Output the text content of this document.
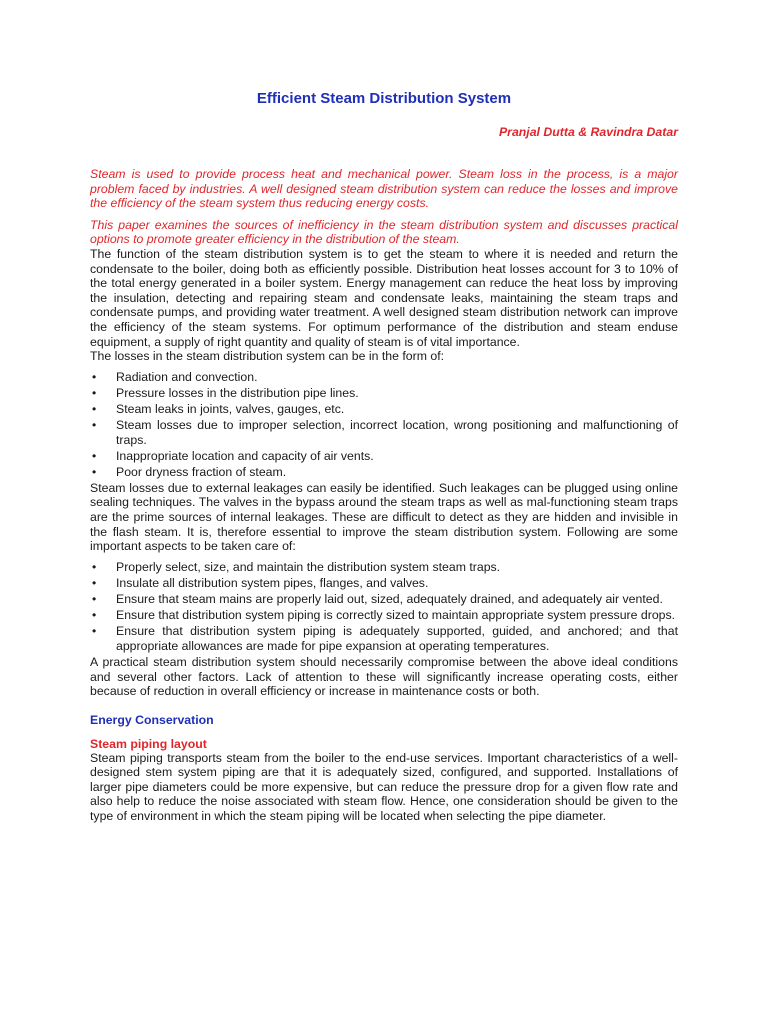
Efficient Steam Distribution System

Pranjal Dutta & Ravindra Datar

Steam is used to provide process heat and mechanical power. Steam loss in the process, is a major problem faced by industries. A well designed steam distribution system can reduce the losses and improve the efficiency of the steam system thus reducing energy costs.

This paper examines the sources of inefficiency in the steam distribution system and discusses practical options to promote greater efficiency in the distribution of the steam.

The function of the steam distribution system is to get the steam to where it is needed and return the condensate to the boiler, doing both as efficiently possible. Distribution heat losses account for 3 to 10% of the total energy generated in a boiler system. Energy management can reduce the heat loss by improving the insulation, detecting and repairing steam and condensate leaks, maintaining the steam traps and condensate pumps, and providing water treatment. A well designed steam distribution network can improve the efficiency of the steam systems. For optimum performance of the distribution and steam enduse equipment, a supply of right quantity and quality of steam is of vital importance.

The losses in the steam distribution system can be in the form of:

• Radiation and convection.
• Pressure losses in the distribution pipe lines.
• Steam leaks in joints, valves, gauges, etc.
• Steam losses due to improper selection, incorrect location, wrong positioning and malfunctioning of traps.
• Inappropriate location and capacity of air vents.
• Poor dryness fraction of steam.

Steam losses due to external leakages can easily be identified. Such leakages can be plugged using online sealing techniques. The valves in the bypass around the steam traps as well as mal-functioning steam traps are the prime sources of internal leakages. These are difficult to detect as they are hidden and invisible in the flash steam. It is, therefore essential to improve the steam distribution system. Following are some important aspects to be taken care of:

• Properly select, size, and maintain the distribution system steam traps.
• Insulate all distribution system pipes, flanges, and valves.
• Ensure that steam mains are properly laid out, sized, adequately drained, and adequately air vented.
• Ensure that distribution system piping is correctly sized to maintain appropriate system pressure drops.
• Ensure that distribution system piping is adequately supported, guided, and anchored; and that appropriate allowances are made for pipe expansion at operating temperatures.

A practical steam distribution system should necessarily compromise between the above ideal conditions and several other factors. Lack of attention to these will significantly increase operating costs, either because of reduction in overall efficiency or increase in maintenance costs or both.

Energy Conservation
Steam piping layout

Steam piping transports steam from the boiler to the end-use services. Important characteristics of a well-designed stem system piping are that it is adequately sized, configured, and supported. Installations of larger pipe diameters could be more expensive, but can reduce the pressure drop for a given flow rate and also help to reduce the noise associated with steam flow. Hence, one consideration should be given to the type of environment in which the steam piping will be located when selecting the pipe diameter.
